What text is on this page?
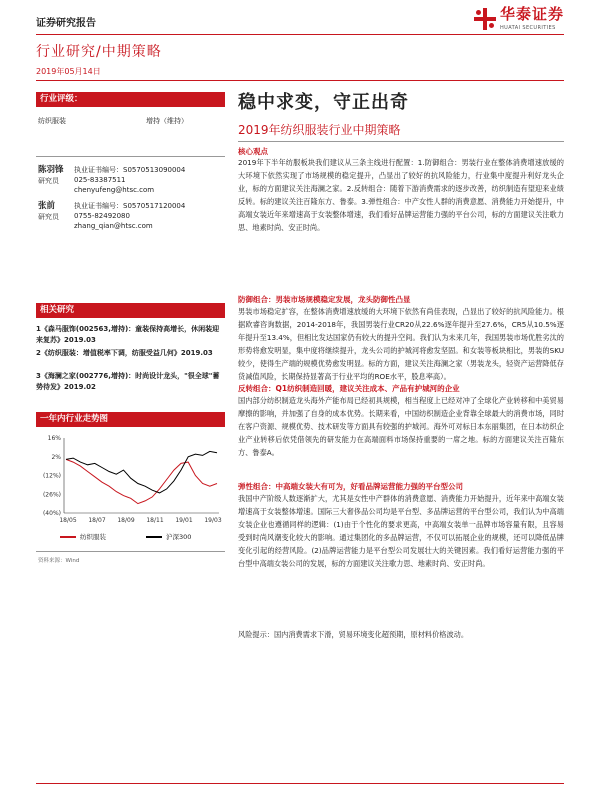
证券研究报告
华泰证券
HUATAI SECURITIES
行业研究/中期策略
2019年05月14日
行业评级：
纺织服装	增持（维持）
陈羽锋
研究员
执业证书编号：S0570513090004
025-83387511
chenyufeng@htsc.com
张前
研究员
执业证书编号：S0570517120004
0755-82492080
zhang_qian@htsc.com
相关研究
1《森马服饰(002563,增持)：童装保持高增长，休闲装迎来复苏》2019.03
2《纺织服装：增值税率下调，纺服受益几何》2019.03
3《海澜之家(002776,增持)：时尚设计龙头，"很全球"蓄势待发》2019.02
一年内行业走势图
(40%)
(26%)
(12%)
2%
16%
18/05 18/07 18/09 18/11 19/01 19/03
纺织服装	沪深300
资料来源：Wind
稳中求变，守正出奇
2019年纺织服装行业中期策略
核心观点
2019年下半年纺服板块我们建议从三条主线进行配置：1.防御组合：男装行业在整体消费增速放缓的大环境下依然实现了市场规模的稳定提升，凸显出了较好的抗风险能力，行业集中度提升利好龙头企业，标的方面建议关注海澜之家。2.反转组合：随着下游消费需求的逐步改善，纺织制造有望迎来业绩反转。标的建议关注百隆东方、鲁泰。3.弹性组合：中产女性人群的消费意愿、消费能力开始提升，中高端女装近年来增速高于女装整体增速，我们看好品牌运营能力强的平台公司，标的方面建议关注歌力思、地素时尚、安正时尚。
防御组合：男装市场规模稳定发展，龙头防御性凸显
男装市场稳定扩容，在整体消费增速放缓的大环境下依然有尚佳表现，凸显出了较好的抗风险能力。根据欧睿咨询数据，2014-2018年，我国男装行业CR20从22.6%逐年提升至27.6%，CR5从10.5%逐年提升至13.4%，但相比发达国家仍有较大的提升空间。我们认为未来几年，我国男装市场优胜劣汰的形势将愈发明显，集中度将继续提升，龙头公司的护城河将愈发坚固。和女装等板块相比，男装的SKU较少，使得生产端的规模优势愈发明显。标的方面，建议关注海澜之家（男装龙头，轻资产运营降低存货减值风险，长期保持显著高于行业平均的ROE水平，股息率高）。
反转组合：Q1纺织制造回暖，建议关注成本、产品有护城河的企业
国内部分纺织制造龙头海外产能布局已经初具规模，相当程度上已经对冲了全球化产业转移和中美贸易摩擦的影响，并加强了自身的成本优势。长期来看，中国纺织制造企业背靠全球最大的消费市场，同时在客户资源、规模优势、技术研发等方面具有较强的护城河。海外可对标日本东丽集团，在日本纺织企业产业转移后依凭借领先的研发能力在高端面料市场保持重要的一席之地。标的方面建议关注百隆东方、鲁泰A。
弹性组合：中高端女装大有可为，好看品牌运营能力强的平台型公司
我国中产阶级人数逐渐扩大，尤其是女性中产群体的消费意愿、消费能力开始提升，近年来中高端女装增速高于女装整体增速。国际三大奢侈品公司均是平台型、多品牌运营的平台型公司，我们认为中高端女装企业也遵循同样的逻辑：(1)由于个性化的要求更高，中高端女装单一品牌市场容量有限，且容易受到时尚风潮变化较大的影响。通过集团化的多品牌运营，不仅可以拓展企业的规模，还可以降低品牌变化引起的经营风险。(2)品牌运营能力是平台型公司发展壮大的关键因素。我们看好运营能力强的平台型中高端女装公司的发展，标的方面建议关注歌力思、地素时尚、安正时尚。
风险提示：国内消费需求下滑，贸易环境变化超预期，原材料价格波动。
